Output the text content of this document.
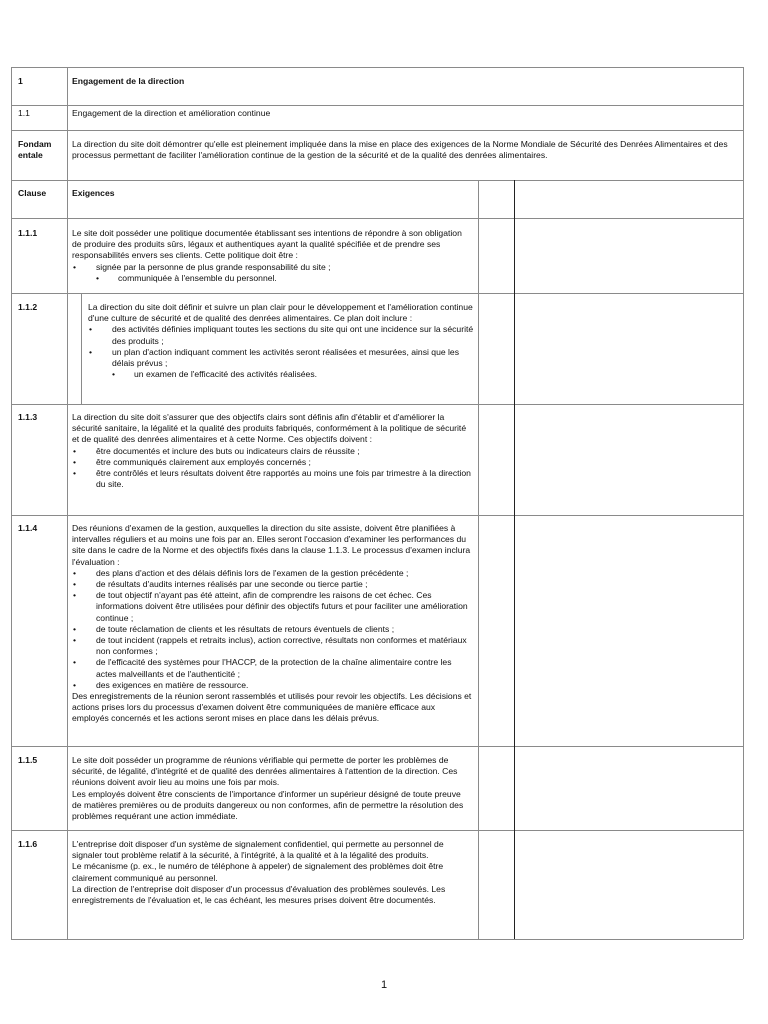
1	Engagement de la direction
1.1	Engagement de la direction et amélioration continue
Fondam entale
La direction du site doit démontrer qu'elle est pleinement impliquée dans la mise en place des exigences de la Norme Mondiale de Sécurité des Denrées Alimentaires et des processus permettant de faciliter l'amélioration continue de la gestion de la sécurité et de la qualité des denrées alimentaires.
Clause	Exigences
1.1.1	Le site doit posséder une politique documentée établissant ses intentions de répondre à son obligation de produire des produits sûrs, légaux et authentiques ayant la qualité spécifiée et de prendre ses responsabilités envers ses clients. Cette politique doit être :

• signée par la personne de plus grande responsabilité du site ;
• communiquée à l'ensemble du personnel.
1.1.2	La direction du site doit définir et suivre un plan clair pour le développement et l'amélioration continue d'une culture de sécurité et de qualité des denrées alimentaires. Ce plan doit inclure :

• des activités définies impliquant toutes les sections du site qui ont une incidence sur la sécurité des produits ;
• un plan d'action indiquant comment les activités seront réalisées et mesurées, ainsi que les délais prévus ;
• un examen de l'efficacité des activités réalisées.
1.1.3	La direction du site doit s'assurer que des objectifs clairs sont définis afin d'établir et d'améliorer la sécurité sanitaire, la légalité et la qualité des produits fabriqués, conformément à la politique de sécurité et de qualité des denrées alimentaires et à cette Norme. Ces objectifs doivent :

• être documentés et inclure des buts ou indicateurs clairs de réussite ;
• être communiqués clairement aux employés concernés ;
• être contrôlés et leurs résultats doivent être rapportés au moins une fois par trimestre à la direction du site.
1.1.4	Des réunions d'examen de la gestion, auxquelles la direction du site assiste, doivent être planifiées à intervalles réguliers et au moins une fois par an. Elles seront l'occasion d'examiner les performances du site dans le cadre de la Norme et des objectifs fixés dans la clause 1.1.3. Le processus d'examen inclura l'évaluation :

• des plans d'action et des délais définis lors de l'examen de la gestion précédente ;
• de résultats d'audits internes réalisés par une seconde ou tierce partie ;
• de tout objectif n'ayant pas été atteint, afin de comprendre les raisons de cet échec. Ces informations doivent être utilisées pour définir des objectifs futurs et pour faciliter une amélioration continue ;
• de toute réclamation de clients et les résultats de retours éventuels de clients ;
• de tout incident (rappels et retraits inclus), action corrective, résultats non conformes et matériaux non conformes ;
• de l'efficacité des systèmes pour l'HACCP, de la protection de la chaîne alimentaire contre les actes malveillants et de l'authenticité ;
• des exigences en matière de ressource.

Des enregistrements de la réunion seront rassemblés et utilisés pour revoir les objectifs. Les décisions et actions prises lors du processus d'examen doivent être communiquées de manière efficace aux employés concernés et les actions seront mises en place dans les délais prévus.

1.1.5	Le site doit posséder un programme de réunions vérifiable qui permette de porter les problèmes de sécurité, de légalité, d'intégrité et de qualité des denrées alimentaires à l'attention de la direction. Ces réunions doivent avoir lieu au moins une fois par mois.

Les employés doivent être conscients de l'importance d'informer un supérieur désigné de toute preuve de matières premières ou de produits dangereux ou non conformes, afin de permettre la résolution des problèmes requérant une action immédiate.

1.1.6	L'entreprise doit disposer d'un système de signalement confidentiel, qui permette au personnel de signaler tout problème relatif à la sécurité, à l'intégrité, à la qualité et à la légalité des produits.

Le mécanisme (p. ex., le numéro de téléphone à appeler) de signalement des problèmes doit être clairement communiqué au personnel.

La direction de l'entreprise doit disposer d'un processus d'évaluation des problèmes soulevés. Les enregistrements de l'évaluation et, le cas échéant, les mesures prises doivent être documentés.

1
